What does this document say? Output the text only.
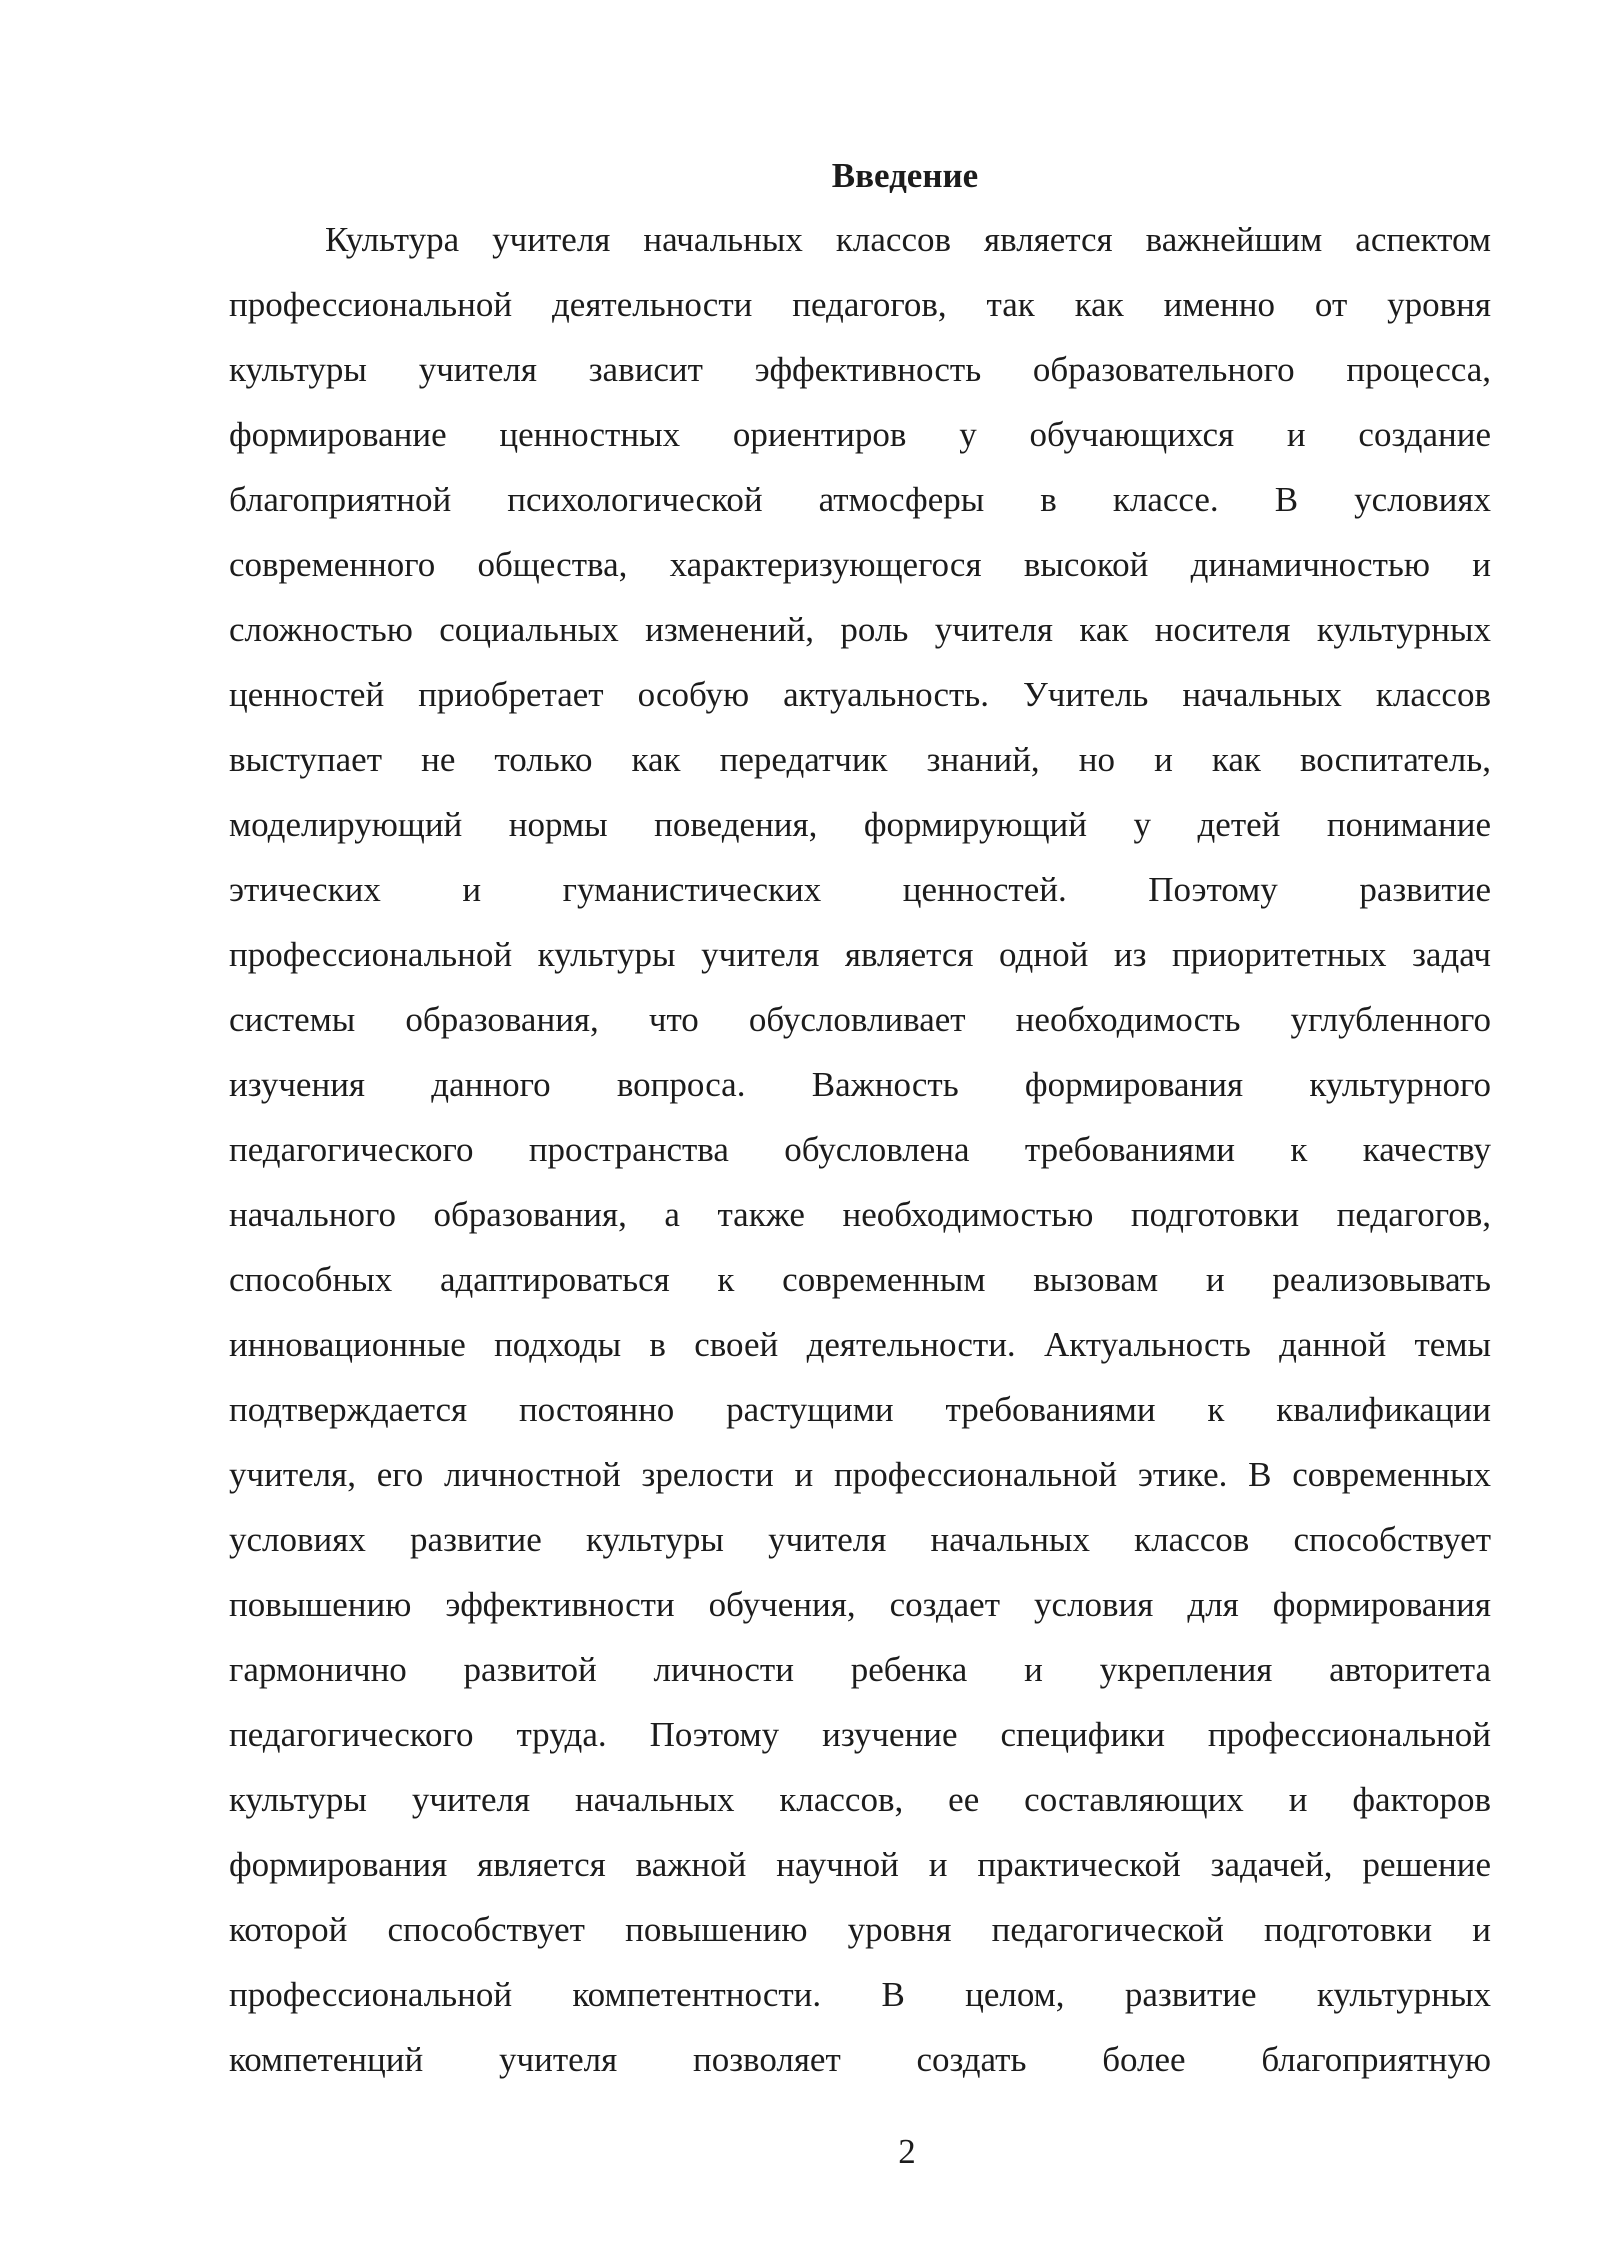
Введение
Культура учителя начальных классов является важнейшим аспектом
профессиональной деятельности педагогов, так как именно от уровня
культуры учителя зависит эффективность образовательного процесса,
формирование ценностных ориентиров у обучающихся и создание
благоприятной психологической атмосферы в классе. В условиях
современного общества, характеризующегося высокой динамичностью и
сложностью социальных изменений, роль учителя как носителя культурных
ценностей приобретает особую актуальность. Учитель начальных классов
выступает не только как передатчик знаний, но и как воспитатель,
моделирующий нормы поведения, формирующий у детей понимание
этических и гуманистических ценностей. Поэтому развитие
профессиональной культуры учителя является одной из приоритетных задач
системы образования, что обусловливает необходимость углубленного
изучения данного вопроса. Важность формирования культурного
педагогического пространства обусловлена требованиями к качеству
начального образования, а также необходимостью подготовки педагогов,
способных адаптироваться к современным вызовам и реализовывать
инновационные подходы в своей деятельности. Актуальность данной темы
подтверждается постоянно растущими требованиями к квалификации
учителя, его личностной зрелости и профессиональной этике. В современных
условиях развитие культуры учителя начальных классов способствует
повышению эффективности обучения, создает условия для формирования
гармонично развитой личности ребенка и укрепления авторитета
педагогического труда. Поэтому изучение специфики профессиональной
культуры учителя начальных классов, ее составляющих и факторов
формирования является важной научной и практической задачей, решение
которой способствует повышению уровня педагогической подготовки и
профессиональной компетентности. В целом, развитие культурных
компетенций учителя позволяет создать более благоприятную
2
